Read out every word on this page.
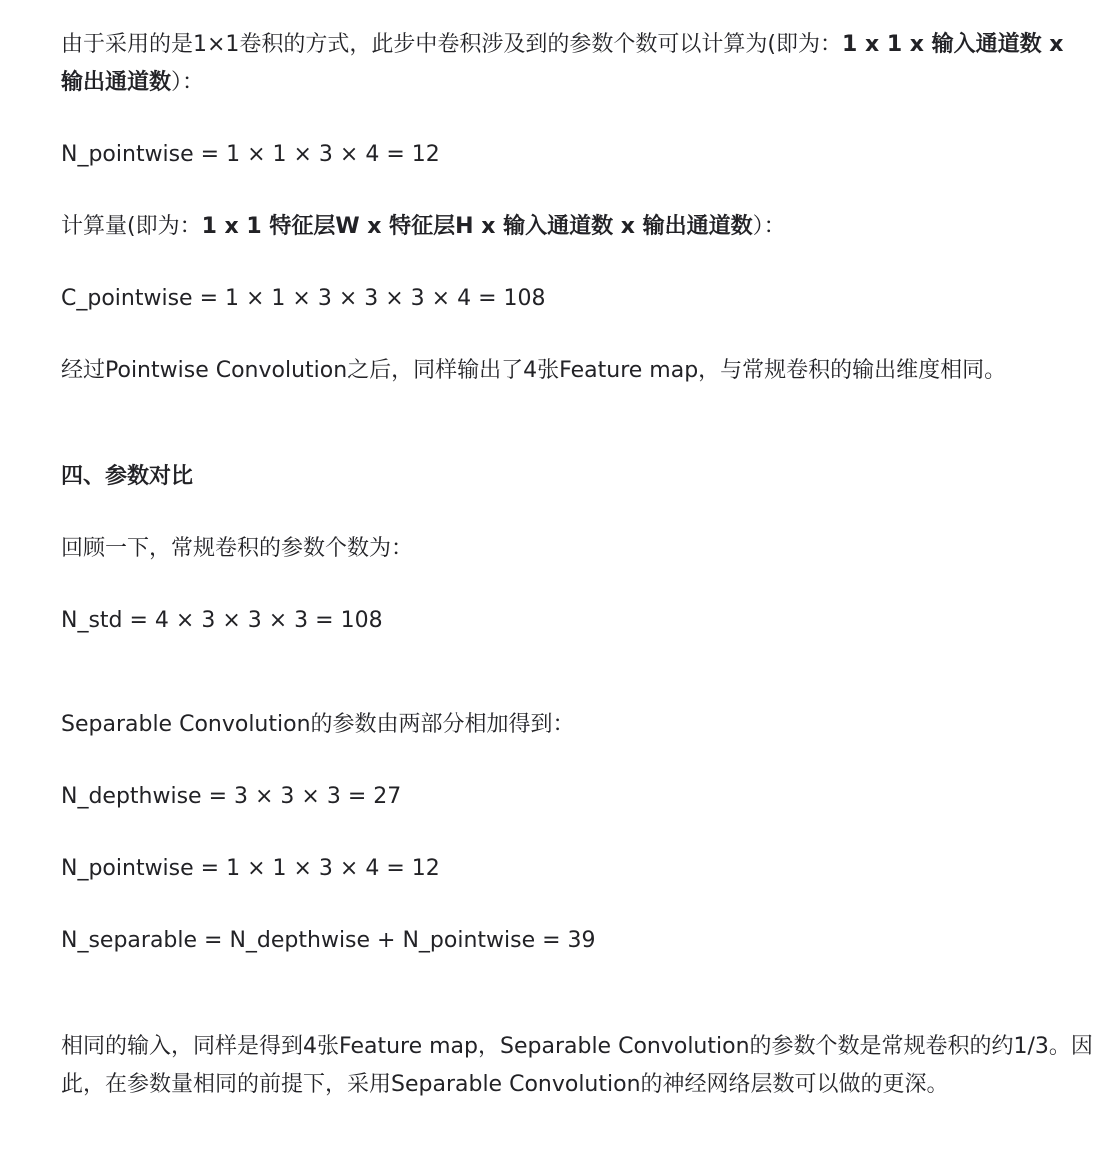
由于采用的是1×1卷积的方式，此步中卷积涉及到的参数个数可以计算为(即为：1 x 1 x 输入通道数 x 输出通道数）：

N_pointwise = 1 × 1 × 3 × 4 = 12

计算量(即为：1 x 1 特征层W x 特征层H x 输入通道数 x 输出通道数）：

C_pointwise = 1 × 1 × 3 × 3 × 3 × 4 = 108

经过Pointwise Convolution之后，同样输出了4张Feature map，与常规卷积的输出维度相同。

四、参数对比

回顾一下，常规卷积的参数个数为：

N_std = 4 × 3 × 3 × 3 = 108

Separable Convolution的参数由两部分相加得到：

N_depthwise = 3 × 3 × 3 = 27

N_pointwise = 1 × 1 × 3 × 4 = 12

N_separable = N_depthwise + N_pointwise = 39

相同的输入，同样是得到4张Feature map，Separable Convolution的参数个数是常规卷积的约1/3。因此，在参数量相同的前提下，采用Separable Convolution的神经网络层数可以做的更深。
